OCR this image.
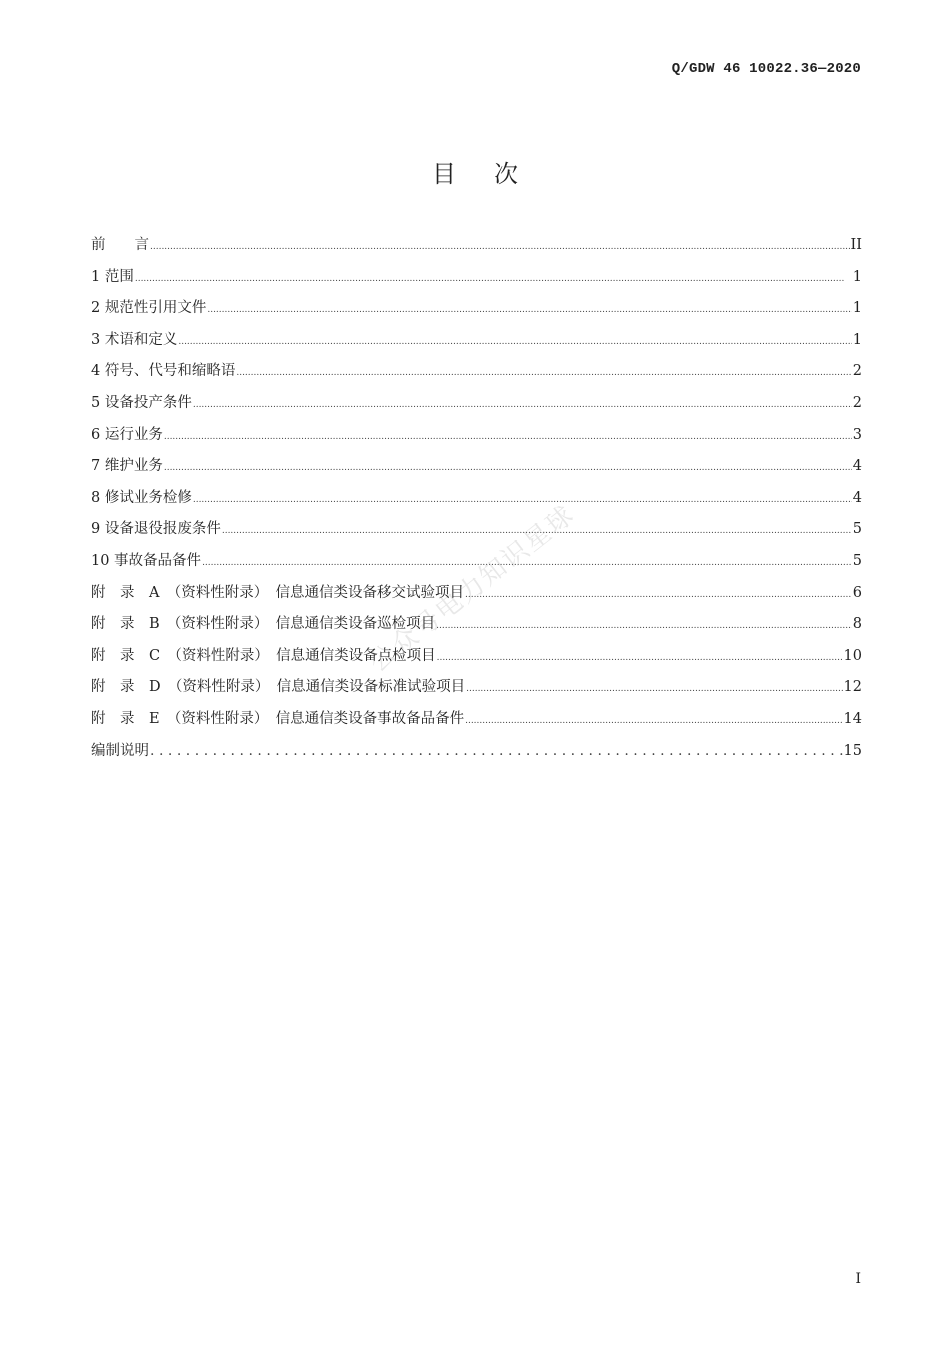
Q/GDW 46 10022.36—2020
目次
前　　言 .....	II
1 范围 .....	1
2 规范性引用文件 .....	1
3 术语和定义 .....	1
4 符号、代号和缩略语 .....	2
5 设备投产条件 .....	2
6 运行业务 .....	3
7 维护业务 .....	4
8 修试业务检修 .....	4
9 设备退役报废条件 .....	5
10 事故备品备件 .....	5
附　录　A　（资料性附录）　信息通信类设备移交试验项目 .....	6
附　录　B　（资料性附录）　信息通信类设备巡检项目 .....	8
附　录　C　（资料性附录）　信息通信类设备点检项目 .....	10
附　录　D　（资料性附录）　信息通信类设备标准试验项目 .....	12
附　录　E　（资料性附录）　信息通信类设备事故备品备件 .....	14
编制说明 .....	15
公众号电力知识星球
I
